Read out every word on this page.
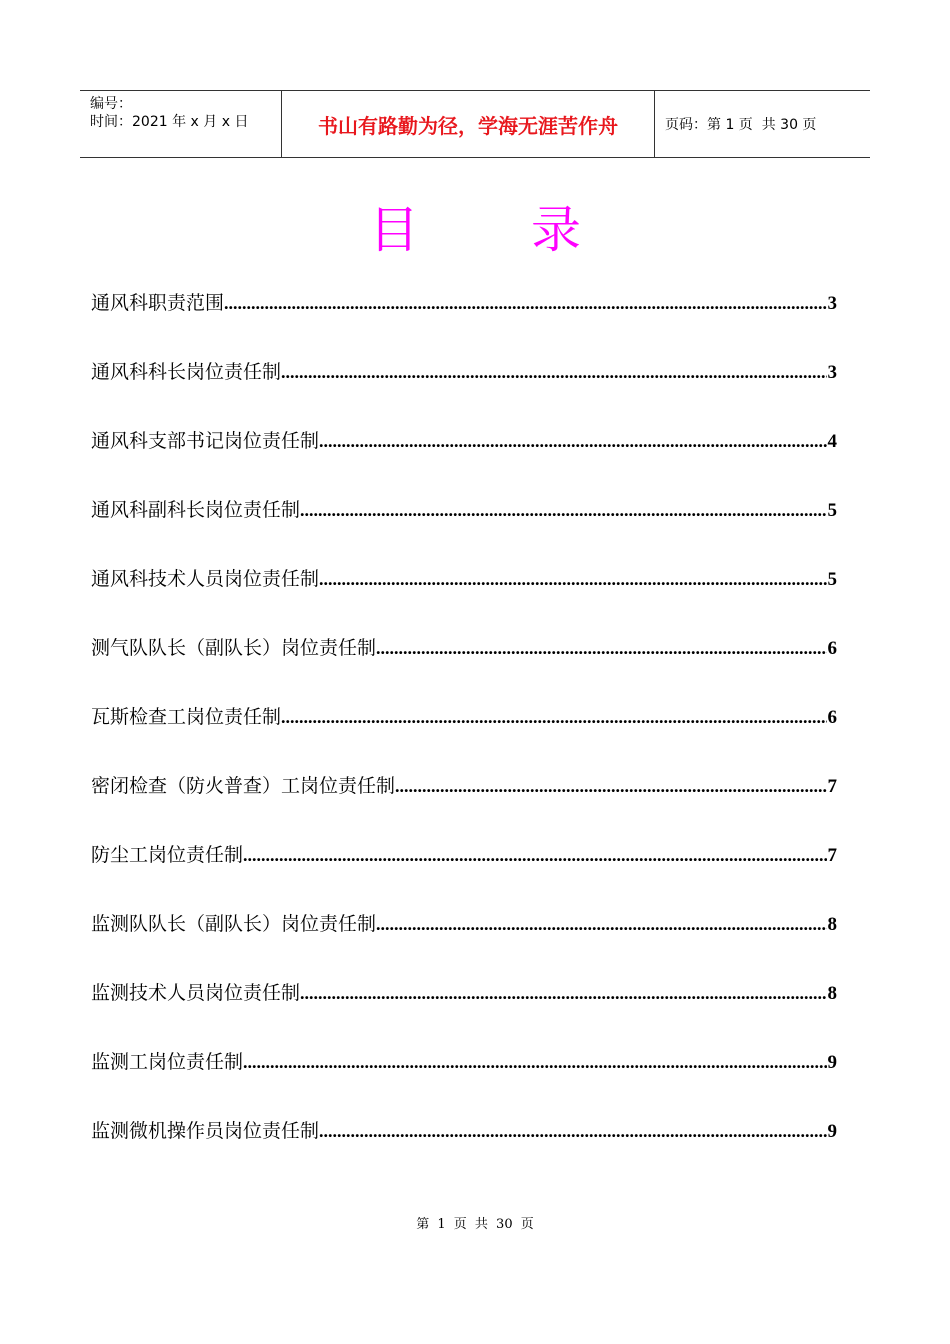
编号：
时间：2021 年 x 月 x 日	书山有路勤为径，学海无涯苦作舟	页码：第 1 页  共 30 页
目 录
通风科职责范围 .....	3
通风科科长岗位责任制 .....	3
通风科支部书记岗位责任制 .....	4
通风科副科长岗位责任制 .....	5
通风科技术人员岗位责任制 .....	5
测气队队长（副队长）岗位责任制 .....	6
瓦斯检查工岗位责任制 .....	6
密闭检查（防火普查）工岗位责任制 .....	7
防尘工岗位责任制 .....	7
监测队队长（副队长）岗位责任制 .....	8
监测技术人员岗位责任制 .....	8
监测工岗位责任制 .....	9
监测微机操作员岗位责任制 .....	9
第 1 页 共 30 页
